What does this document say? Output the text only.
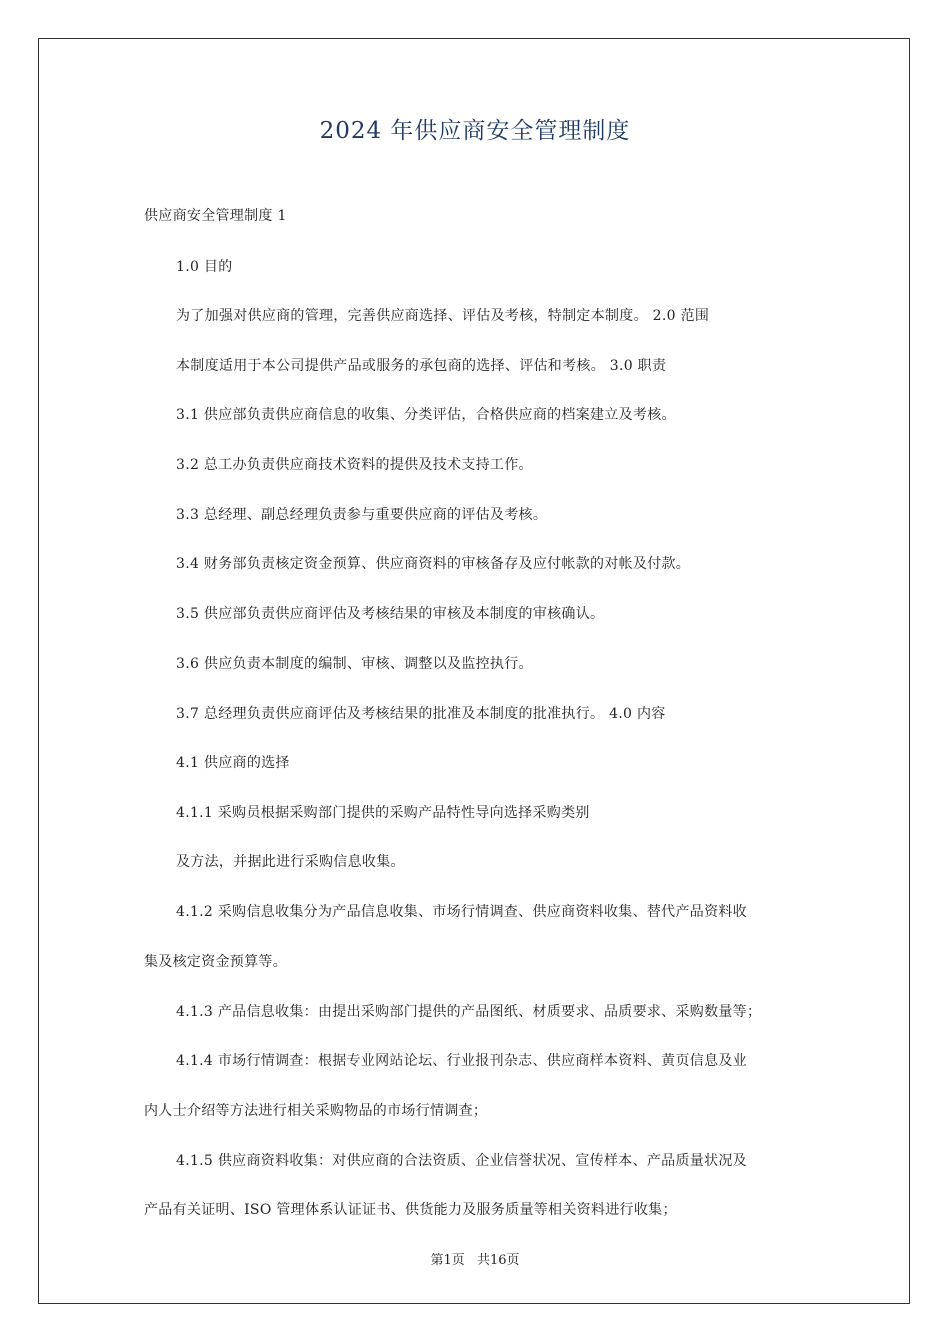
2024 年供应商安全管理制度
供应商安全管理制度 1
1.0 目的
为了加强对供应商的管理，完善供应商选择、评估及考核，特制定本制度。 2.0 范围
本制度适用于本公司提供产品或服务的承包商的选择、评估和考核。 3.0 职责
3.1 供应部负责供应商信息的收集、分类评估，合格供应商的档案建立及考核。
3.2 总工办负责供应商技术资料的提供及技术支持工作。
3.3 总经理、副总经理负责参与重要供应商的评估及考核。
3.4 财务部负责核定资金预算、供应商资料的审核备存及应付帐款的对帐及付款。
3.5 供应部负责供应商评估及考核结果的审核及本制度的审核确认。
3.6 供应负责本制度的编制、审核、调整以及监控执行。
3.7 总经理负责供应商评估及考核结果的批准及本制度的批准执行。 4.0 内容
4.1 供应商的选择
4.1.1 采购员根据采购部门提供的采购产品特性导向选择采购类别
及方法，并据此进行采购信息收集。
4.1.2 采购信息收集分为产品信息收集、市场行情调查、供应商资料收集、替代产品资料收
集及核定资金预算等。
4.1.3 产品信息收集：由提出采购部门提供的产品图纸、材质要求、品质要求、采购数量等；
4.1.4 市场行情调查：根据专业网站论坛、行业报刊杂志、供应商样本资料、黄页信息及业
内人士介绍等方法进行相关采购物品的市场行情调查；
4.1.5 供应商资料收集：对供应商的合法资质、企业信誉状况、宣传样本、产品质量状况及
产品有关证明、ISO 管理体系认证证书、供货能力及服务质量等相关资料进行收集；
第1页 共16页
